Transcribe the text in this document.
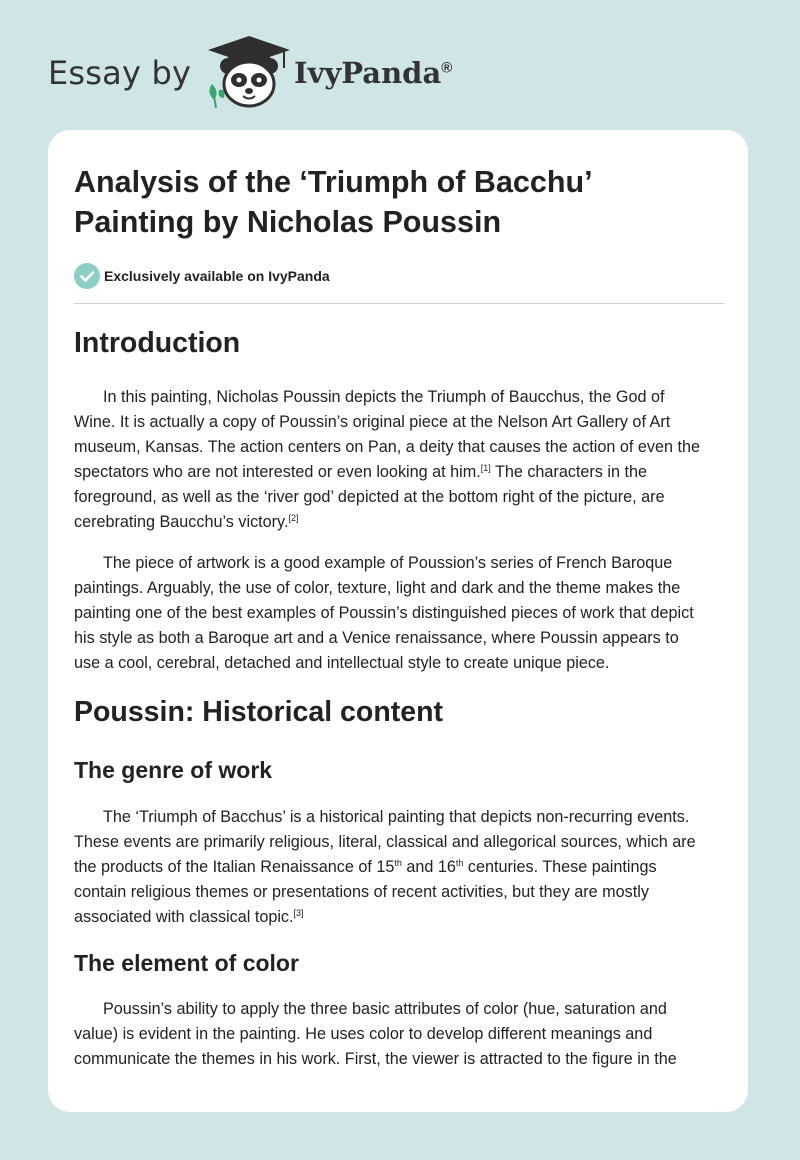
Essay by	IvyPanda®
Analysis of the ‘Triumph of Bacchu’
Painting by Nicholas Poussin
Exclusively available on IvyPanda
Introduction
In this painting, Nicholas Poussin depicts the Triumph of Baucchus, the God of
Wine. It is actually a copy of Poussin’s original piece at the Nelson Art Gallery of Art
museum, Kansas. The action centers on Pan, a deity that causes the action of even the
spectators who are not interested or even looking at him.[1] The characters in the
foreground, as well as the ‘river god’ depicted at the bottom right of the picture, are
cerebrating Baucchu’s victory.[2]
The piece of artwork is a good example of Poussion’s series of French Baroque
paintings. Arguably, the use of color, texture, light and dark and the theme makes the
painting one of the best examples of Poussin’s distinguished pieces of work that depict
his style as both a Baroque art and a Venice renaissance, where Poussin appears to
use a cool, cerebral, detached and intellectual style to create unique piece.
Poussin: Historical content
The genre of work
The ‘Triumph of Bacchus’ is a historical painting that depicts non-recurring events.
These events are primarily religious, literal, classical and allegorical sources, which are
the products of the Italian Renaissance of 15th and 16th centuries. These paintings
contain religious themes or presentations of recent activities, but they are mostly
associated with classical topic.[3]
The element of color
Poussin’s ability to apply the three basic attributes of color (hue, saturation and
value) is evident in the painting. He uses color to develop different meanings and
communicate the themes in his work. First, the viewer is attracted to the figure in the
